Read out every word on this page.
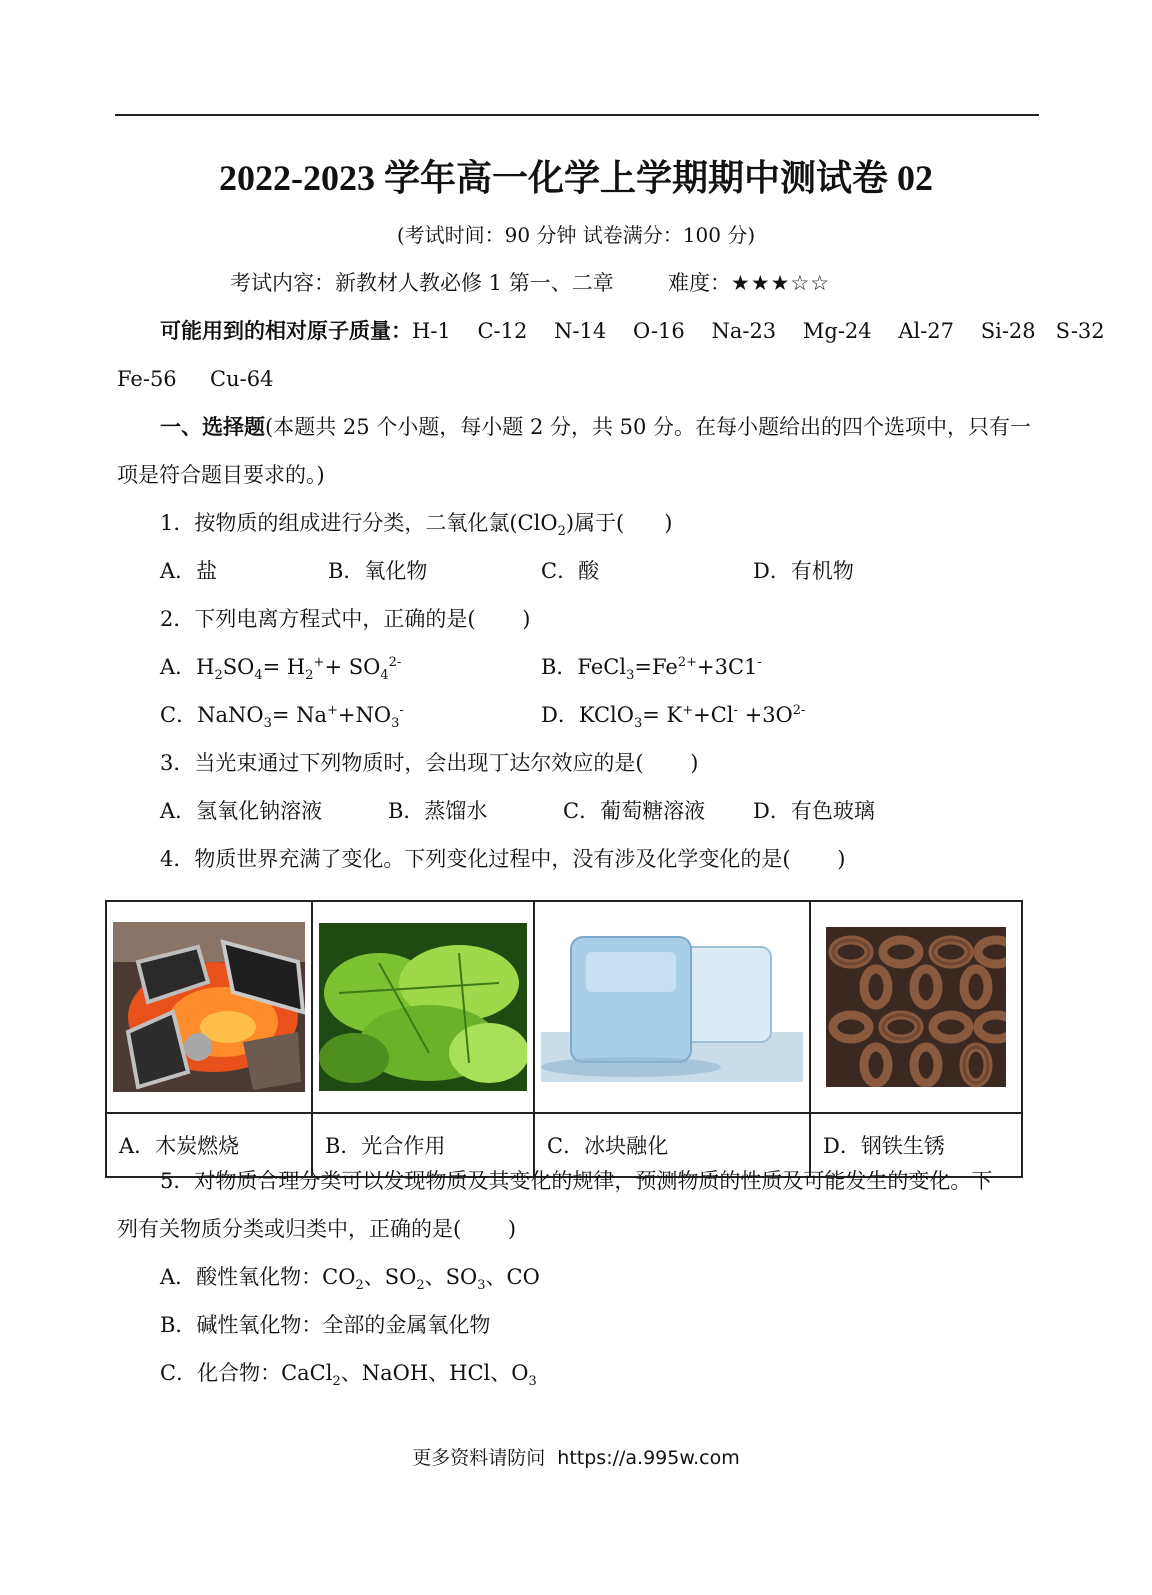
2022-2023 学年高一化学上学期期中测试卷 02
(考试时间：90 分钟 试卷满分：100 分)
考试内容：新教材人教必修 1 第一、二章	难度：★★★☆☆
可能用到的相对原子质量：H-1    C-12    N-14    O-16    Na-23    Mg-24    Al-27    Si-28   S-32
Fe-56     Cu-64
一、选择题(本题共 25 个小题，每小题 2 分，共 50 分。在每小题给出的四个选项中，只有一
项是符合题目要求的。)
1．按物质的组成进行分类，二氧化氯(ClO$_2$)属于(      )
A．盐	B．氧化物	C．酸	D．有机物
2．下列电离方程式中，正确的是(       )
A．$H_2SO_4= H_2^++ SO_4^{2-}$	B．$FeCl_3=Fe^{2+}+3C1^-$
C．NaNO$_3$= $Na^++NO_3^-$	D．KClO$_3$= $K^++Cl^- +3O^{2-}$
3．当光束通过下列物质时，会出现丁达尔效应的是(       )
A．氢氧化钠溶液	B．蒸馏水	C．葡萄糖溶液 D．有色玻璃
4．物质世界充满了变化。下列变化过程中，没有涉及化学变化的是(       )

A．木炭燃烧	B．光合作用	C．冰块融化	D．钢铁生锈
5．对物质合理分类可以发现物质及其变化的规律，预测物质的性质及可能发生的变化。下
列有关物质分类或归类中，正确的是(       )
A．酸性氧化物：$CO_2$、$SO_2$、$SO_3$、CO
B．碱性氧化物：全部的金属氧化物
C．化合物：CaCl$_2$、NaOH、HCl、$O_3$
更多资料请防问  https://a.995w.com
